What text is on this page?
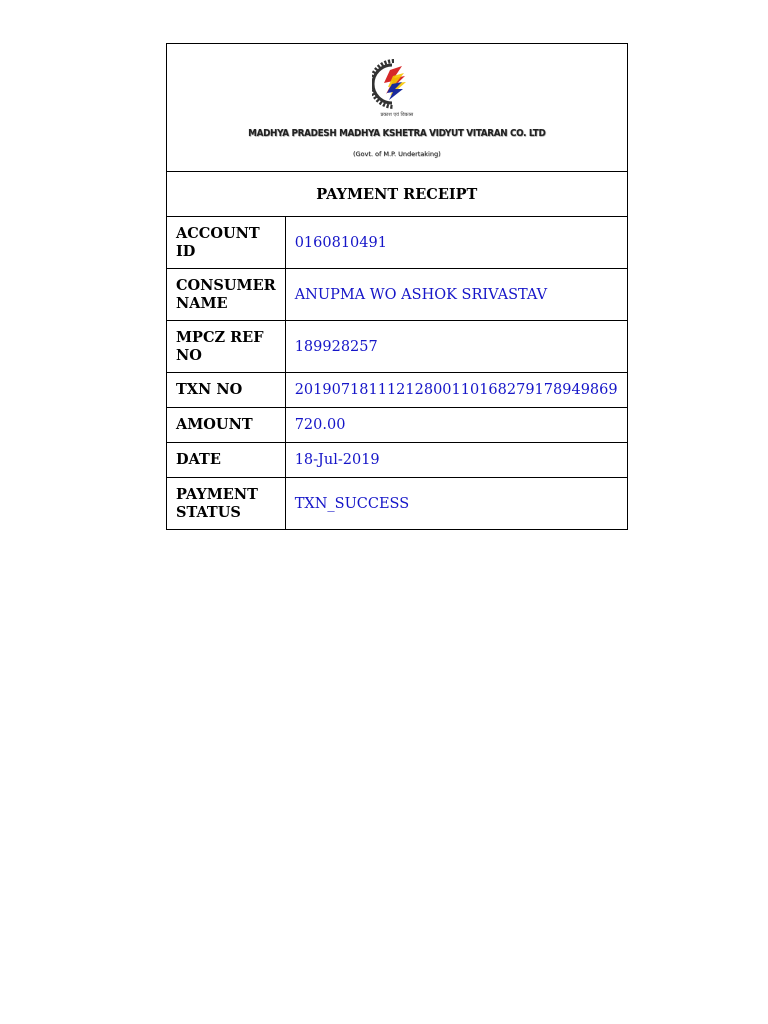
प्रकाश एवं विकास
MADHYA PRADESH MADHYA KSHETRA VIDYUT VITARAN CO. LTD
(Govt. of M.P. Undertaking)	

PAYMENT RECEIPT	
ACCOUNT ID	0160810491
CONSUMER NAME	ANUPMA WO ASHOK SRIVASTAV
MPCZ REF NO	189928257
TXN NO	20190718111212800110168279178949869
AMOUNT	720.00
DATE	18-Jul-2019
PAYMENT STATUS	TXN_SUCCESS
